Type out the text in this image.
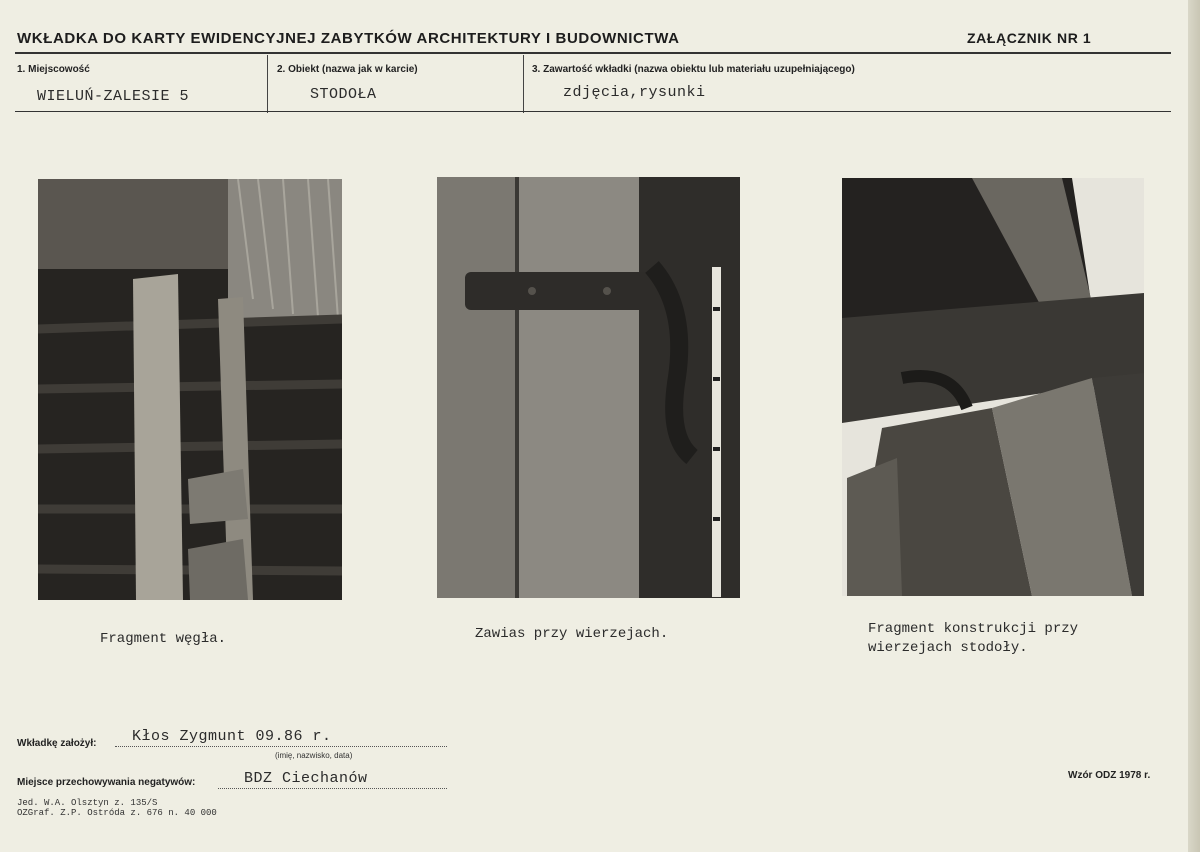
WKŁADKA DO KARTY EWIDENCYJNEJ ZABYTKÓW ARCHITEKTURY I BUDOWNICTWA	ZAŁĄCZNIK NR 1
1. Miejscowość	2. Obiekt (nazwa jak w karcie)	3. Zawartość wkładki (nazwa obiektu lub materiału uzupełniającego)
WIELUŃ-ZALESIE 5	STODOŁA	zdjęcia,rysunki
Fragment węgła.	Zawias przy wierzejach.	Fragment konstrukcji przy
wierzejach stodoły.
Wkładkę założył: Kłos Zygmunt 09.86 r.
(imię, nazwisko, data)
Miejsce przechowywania negatywów:	BDZ Ciechanów
Jed. W.A. Olsztyn z. 135/S
OZGraf. Z.P. Ostróda z. 676 n. 40 000
Wzór ODZ 1978 r.
